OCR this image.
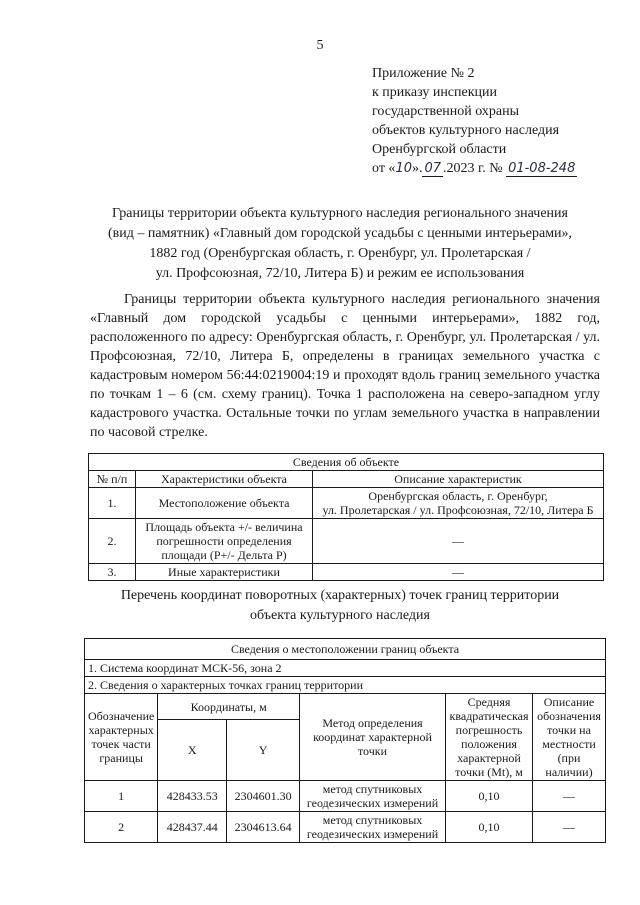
5
Приложение № 2
к приказу инспекции
государственной охраны
объектов культурного наследия
Оренбургской области
от «10». 07 .2023 г. № 01-08-248
Границы территории объекта культурного наследия регионального значения
(вид – памятник) «Главный дом городской усадьбы с ценными интерьерами»,
1882 год (Оренбургская область, г. Оренбург, ул. Пролетарская /
ул. Профсоюзная, 72/10, Литера Б) и режим ее использования
Границы территории объекта культурного наследия регионального значения «Главный дом городской усадьбы с ценными интерьерами», 1882 год, расположенного по адресу: Оренбургская область, г. Оренбург, ул. Пролетарская / ул. Профсоюзная, 72/10, Литера Б, определены в границах земельного участка с кадастровым номером 56:44:0219004:19 и проходят вдоль границ земельного участка по точкам 1 – 6 (см. схему границ). Точка 1 расположена на северо-западном углу кадастрового участка. Остальные точки по углам земельного участка в направлении по часовой стрелке.
Сведения об объекте		
№ п/п	Характеристики объекта	Описание характеристик
1.	Местоположение объекта	Оренбургская область, г. Оренбург,
ул. Пролетарская / ул. Профсоюзная, 72/10, Литера Б

2.	Площадь объекта +/- величина погрешности определения площади (P+/- Дельта P)	—
3.	Иные характеристики	—
Перечень координат поворотных (характерных) точек границ территории
объекта культурного наследия
Сведения о местоположении границ объекта					
1. Система координат МСК-56, зона 2					
2. Сведения о характерных точках границ территории					
Обозначение характерных точек части границы	Координаты, м		Метод определения координат характерной точки	Средняя квадратическая погрешность положения характерной точки (Mt), м	Описание обозначения точки на местности (при наличии)
	X	Y			
1	428433.53	2304601.30	метод спутниковых геодезических измерений	0,10	—
2	428437.44	2304613.64	метод спутниковых геодезических измерений	0,10	—
